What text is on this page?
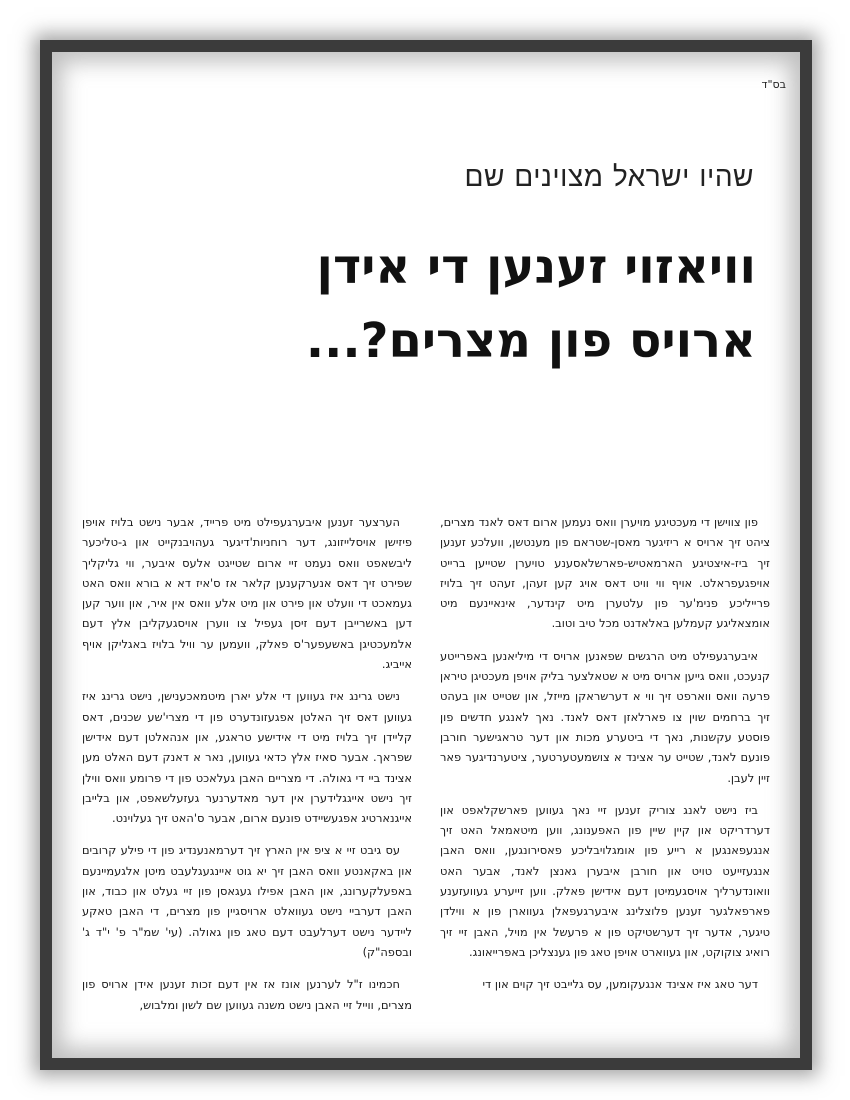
בס"ד
שהיו ישראל מצוינים שם
וויאזוי זענען די אידן
ארויס פון מצרים?...

פון צווישן די מעכטיגע מויערן וואס נעמען ארום דאס לאנד מצרים, ציהט זיך ארויס א ריזיגער מאסן-שטראם פון מענטשן, וועלכע זענען זיך ביז-איצטיגע הארמאטיש-פארשלאסענע טויערן שטייען ברייט אויפגעפראלט. אויף ווי וויט דאס אויג קען זעהן, זעהט זיך בלויז פרייליכע פנימ'ער פון עלטערן מיט קינדער, אינאיינעם מיט אומצאליגע קעמלען באלאדנט מכל טיב וטוב.

איבערגעפילט מיט הרגשים שפאנען ארויס די מיליאנען באפרייטע קנעכט, וואס גייען ארויס מיט א שטאלצער בליק אויפן מעכטיגן טיראן פרעה וואס ווארפט זיך ווי א דערשראקן מייזל, און שטייט און בעהט זיך ברחמים שוין צו פארלאזן דאס לאנד. נאך לאנגע חדשים פון פוסטע עקשנות, נאך די ביטערע מכות און דער טראגישער חורבן פונעם לאנד, שטייט ער אצינד א צושמעטערטער, ציטערנדיגער פאר זיין לעבן.

ביז נישט לאנג צוריק זענען זיי נאך געווען פארשקלאפט און דערדריקט און קיין שיין פון האפענונג, ווען מיטאמאל האט זיך אנגעפאנגען א רייע פון אומגלויבליכע פאסירונגען, וואס האבן אנגעזייעט טויט און חורבן איבערן גאנצן לאנד, אבער האט וואונדערליך אויסגעמיטן דעם אידישן פאלק. ווען זייערע געוועזענע פארפאלגער זענען פלוצלינג איבערגעפאלן געווארן פון א ווילדן טיגער, אדער זיך דערשטיקט פון א פרעשל אין מויל, האבן זיי זיך רואיג צוקוקט, און געווארט אויפן טאג פון גענצליכן באפרייאונג.

דער טאג איז אצינד אנגעקומען, עס גלייבט זיך קוים און די

הערצער זענען איבערגעפילט מיט פרייד, אבער נישט בלויז אויפן פיזישן אויסלייזונג, דער רוחניות'דיגער געהויבנקייט און ג-טליכער ליבשאפט וואס נעמט זיי ארום שטייגט אלעס איבער, ווי גליקליך שפירט זיך דאס אנערקענען קלאר אז ס'איז דא א בורא וואס האט געמאכט די וועלט און פירט און מיט אלע וואס אין איר, און ווער קען דען באשרייבן דעם זיסן געפיל צו ווערן אויסגעקליבן אלץ דעם אלמעכטיגן באשעפער'ס פאלק, וועמען ער וויל בלויז באגליקן אויף אייביג.

נישט גרינג איז געווען די אלע יארן מיטמאכענישן, נישט גרינג איז געווען דאס זיך האלטן אפגעזונדערט פון די מצרי'שע שכנים, דאס קליידן זיך בלויז מיט די אידישע טראגע, און אנהאלטן דעם אידישן שפראך. אבער סאיז אלץ כדאי געווען, נאר א דאנק דעם האלט מען אצינד ביי די גאולה. די מצריים האבן געלאכט פון די פרומע וואס ווילן זיך נישט אייגגלידערן אין דער מאדערנער געזעלשאפט, און בלייבן אייגנארטיג אפגעשיידט פונעם ארום, אבער ס'האט זיך געלוינט.

עס גיבט זיי א ציפ אין הארץ זיך דערמאנענדיג פון די פילע קרובים און באקאנטע וואס האבן זיך יא גוט איינגעגלעבט מיטן אלגעמיינעם באפעלקערונג, און האבן אפילו געגאסן פון זיי געלט און כבוד, און האבן דערביי נישט געוואלט ארויסגיין פון מצרים, די האבן טאקע ליידער נישט דערלעבט דעם טאג פון גאולה. (עי' שמ"ר פ' י"ד ג' ובספה"ק)

חכמינו ז"ל לערנען אונז אז אין דעם זכות זענען אידן ארויס פון מצרים, ווייל זיי האבן נישט משנה געווען שם לשון ומלבוש,
